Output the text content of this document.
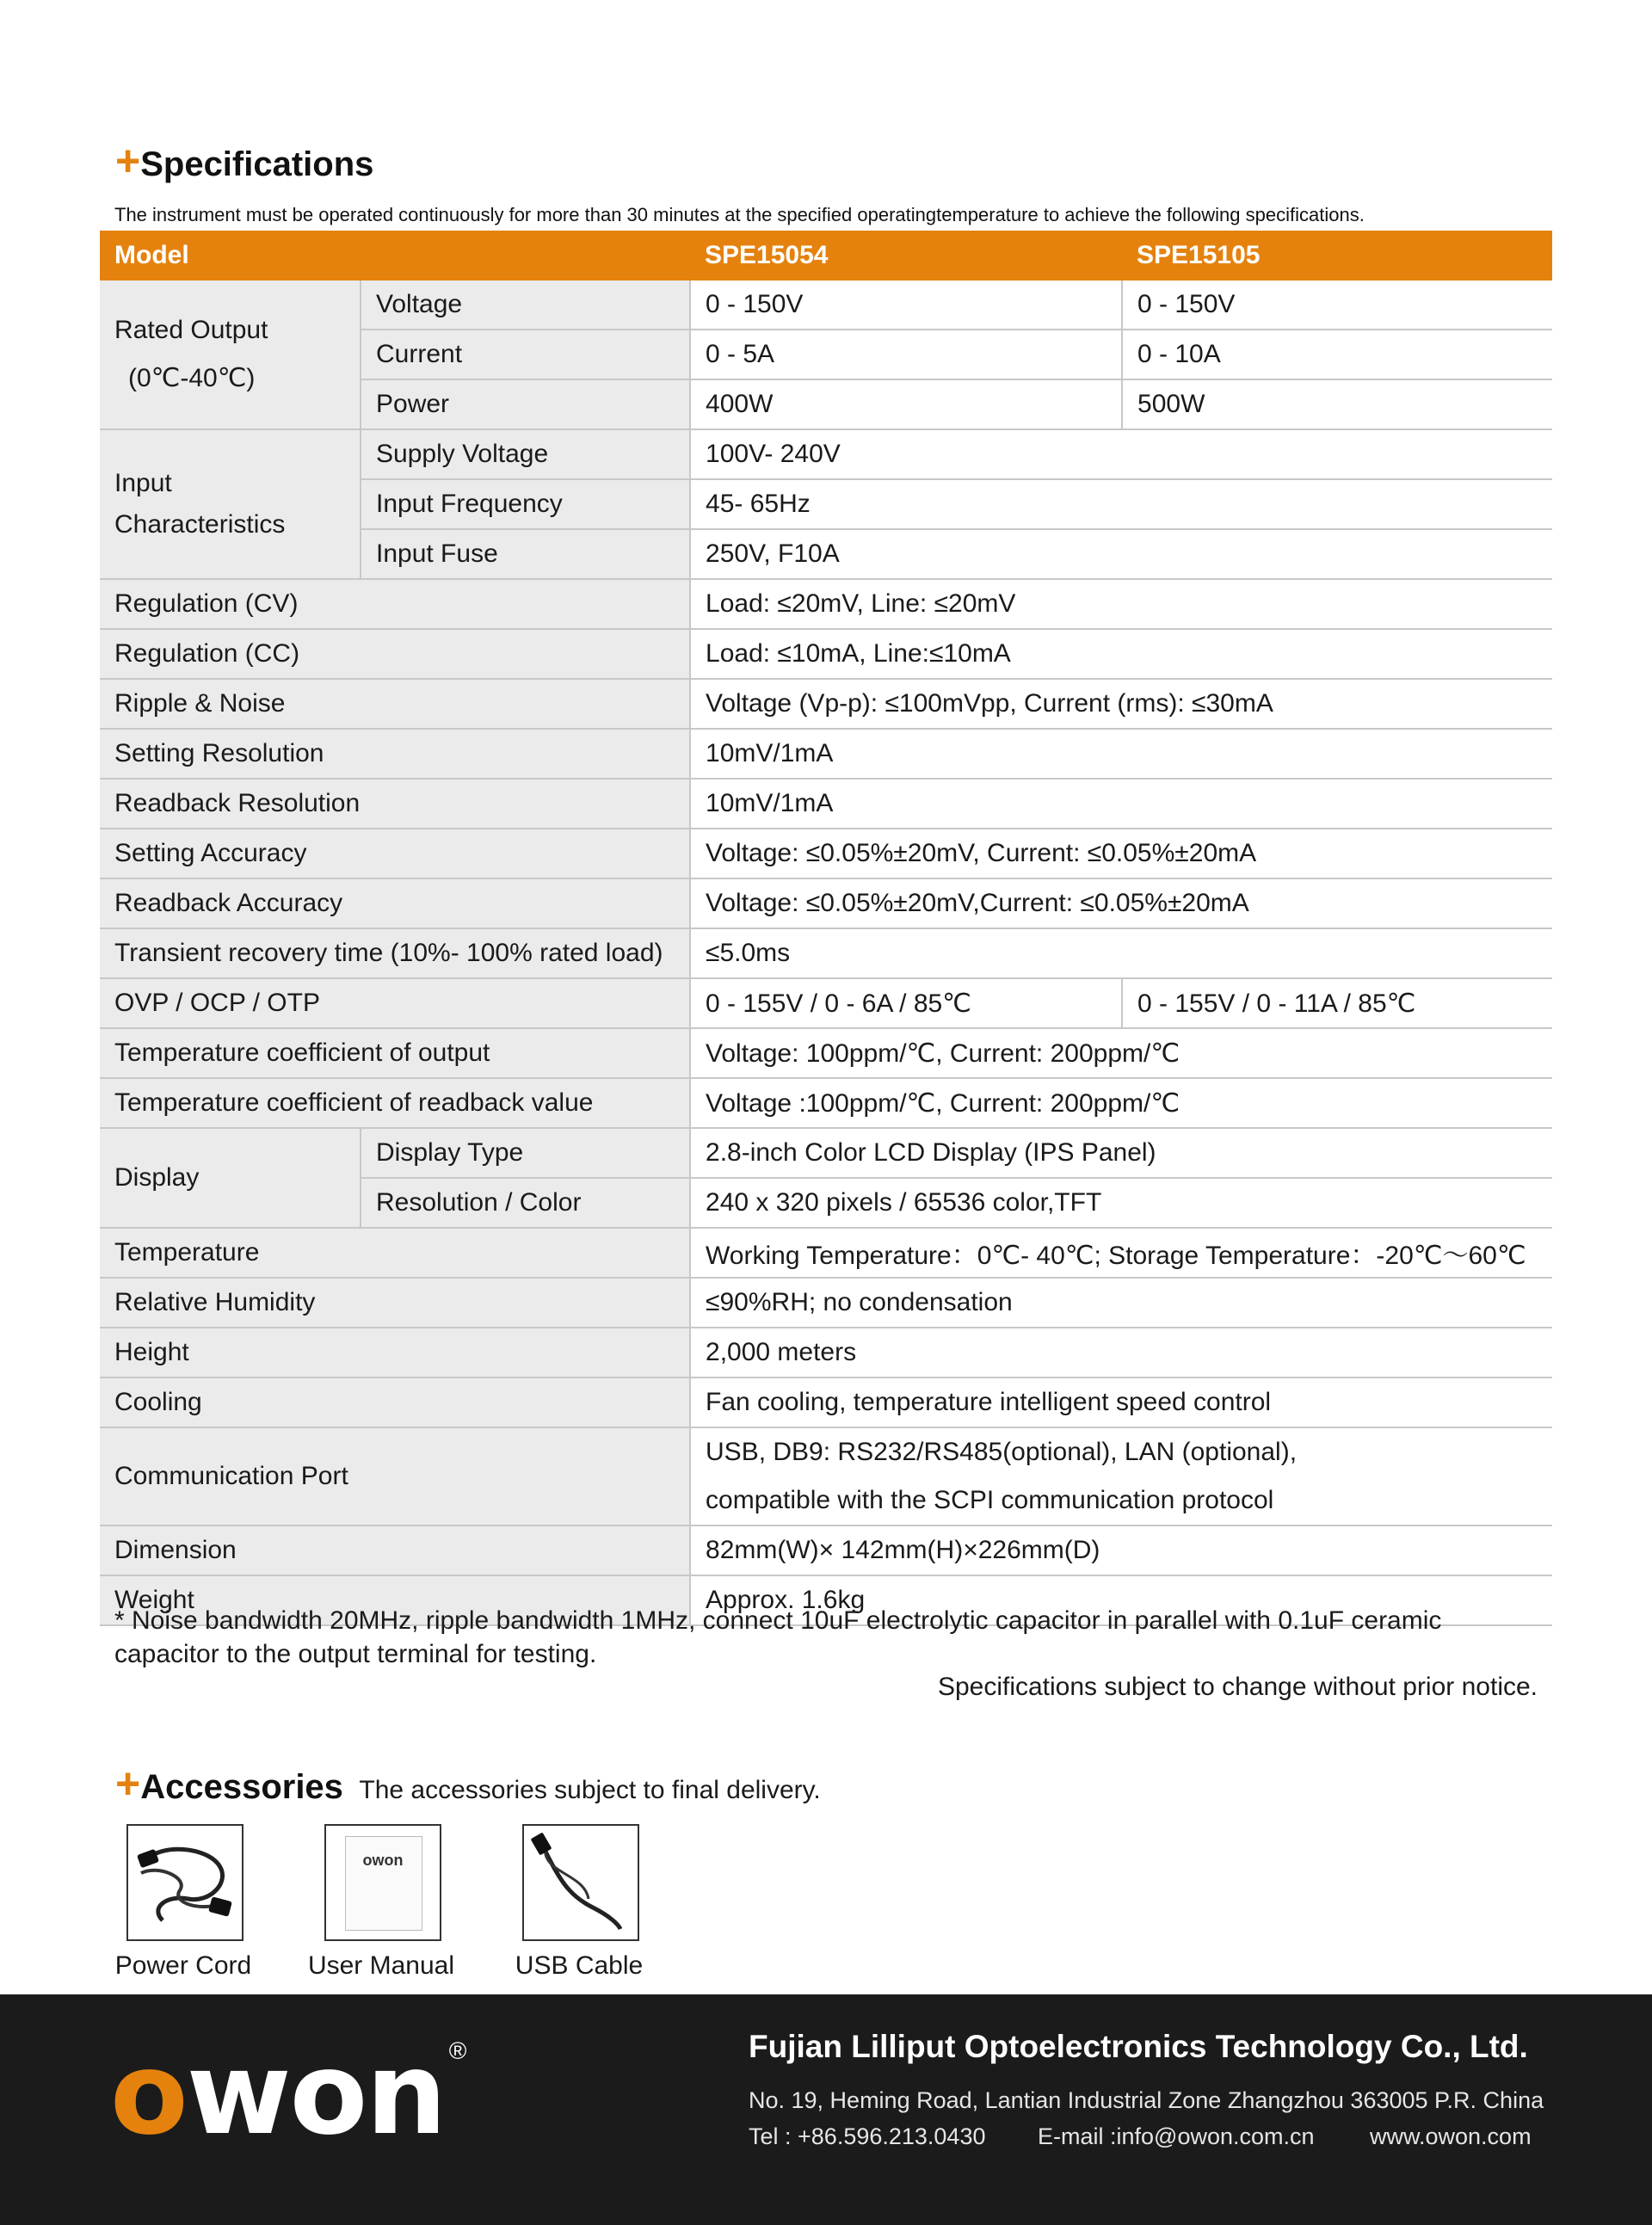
+Specifications
The instrument must be operated continuously for more than 30 minutes at the specified operatingtemperature to achieve the following specifications.
Model		SPE15054	SPE15105

Rated Output
(0℃-40℃)	Voltage	0 - 150V	0 - 150V
	Current	0 - 5A	0 - 10A
	Power	400W	500W

Input
Characteristics	Supply Voltage	100V- 240V	
	Input Frequency	45- 65Hz	
	Input Fuse	250V, F10A	
Regulation (CV)		Load: ≤20mV, Line: ≤20mV	
Regulation (CC)		Load: ≤10mA, Line:≤10mA	
Ripple & Noise		Voltage (Vp-p): ≤100mVpp, Current (rms): ≤30mA	
Setting Resolution		10mV/1mA	
Readback Resolution		10mV/1mA	
Setting Accuracy		Voltage: ≤0.05%±20mV, Current: ≤0.05%±20mA	
Readback Accuracy		Voltage: ≤0.05%±20mV,Current: ≤0.05%±20mA	
Transient recovery time (10%- 100% rated load)		≤5.0ms	
OVP / OCP / OTP		0 - 155V / 0 - 6A / 85℃	0 - 155V / 0 - 11A / 85℃
Temperature coefficient of output		Voltage: 100ppm/℃, Current: 200ppm/℃	
Temperature coefficient of readback value		Voltage :100ppm/℃, Current: 200ppm/℃	
Display	Display Type	2.8-inch Color LCD Display (IPS Panel)	
	Resolution / Color	240 x 320 pixels / 65536 color,TFT	
Temperature		Working Temperature：0℃- 40℃; Storage Temperature：-20℃～60℃	
Relative Humidity		≤90%RH; no condensation	
Height		2,000 meters	
Cooling		Fan cooling, temperature intelligent speed control	
Communication Port		USB, DB9: RS232/RS485(optional), LAN (optional),
compatible with the SCPI communication protocol	

Dimension		82mm(W)× 142mm(H)×226mm(D)	
Weight		Approx. 1.6kg	
* Noise bandwidth 20MHz, ripple bandwidth 1MHz, connect 10uF electrolytic capacitor in parallel with 0.1uF ceramic capacitor to the output terminal for testing.
Specifications subject to change without prior notice.
+Accessories The accessories subject to final delivery.
owon
Power Cord	User Manual	USB Cable
owon ®	Fujian Lilliput Optoelectronics Technology Co., Ltd.
No. 19, Heming Road, Lantian Industrial Zone Zhangzhou 363005 P.R. China
Tel : +86.596.213.0430 E-mail :info@owon.com.cn www.owon.com
